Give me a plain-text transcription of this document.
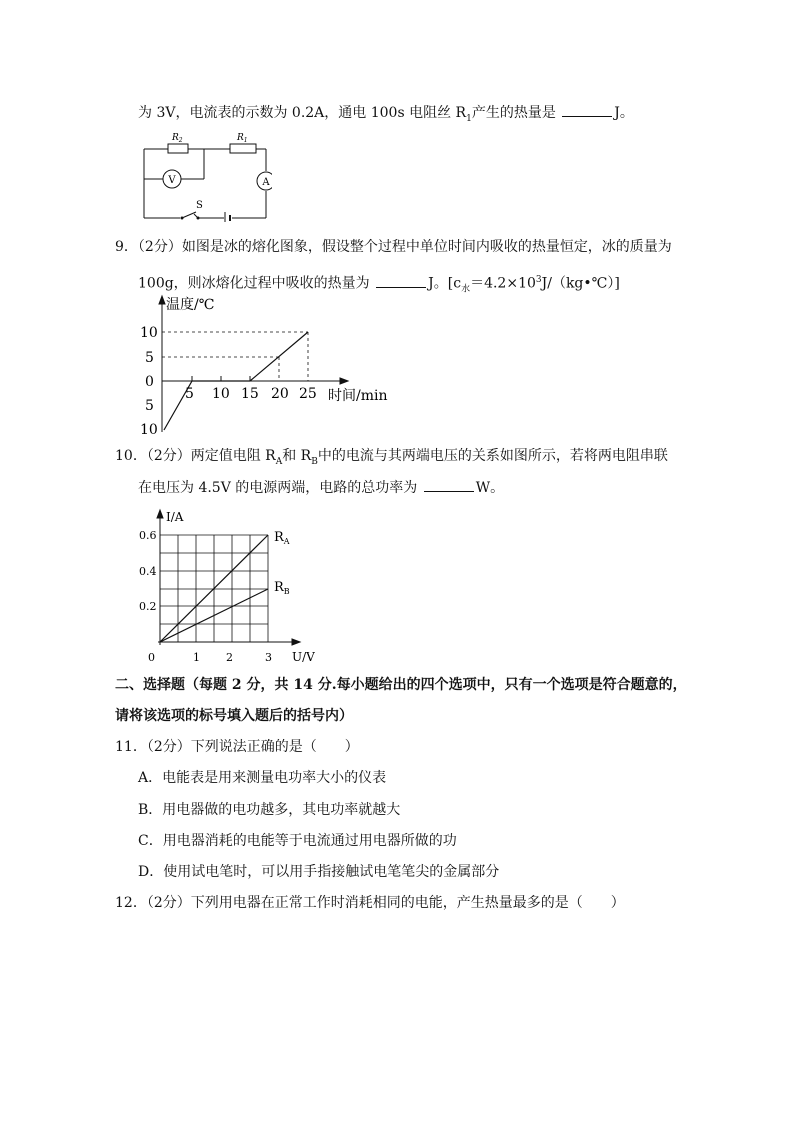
为 3V，电流表的示数为 0.2A，通电 100s 电阻丝 $R_1$产生的热量是	J。
$R_2$	$R_1$
V	A
S
9．（2分）如图是冰的熔化图象，假设整个过程中单位时间内吸收的热量恒定，冰的质量为
100g，则冰熔化过程中吸收的热量为	J。$[c_水=4.2\times 10^3J/(kg•℃)]$
温度/℃
时间/min
10
5
0
5
10
5 10 15 20 25
10．（2分）两定值电阻 $R_A$和 $R_B$中的电流与其两端电压的关系如图所示，若将两电阻串联
在电压为 4.5V 的电源两端，电路的总功率为	W。
I/A
U/V
0.6
0.4
0.2
0	1 2	3
$R_A$
$R_B$
二、选择题（每题 2 分，共 14 分.每小题给出的四个选项中，只有一个选项是符合题意的，
请将该选项的标号填入题后的括号内）
11．（2分）下列说法正确的是（　　）
A．电能表是用来测量电功率大小的仪表
B．用电器做的电功越多，其电功率就越大
C．用电器消耗的电能等于电流通过用电器所做的功
D．使用试电笔时，可以用手指接触试电笔笔尖的金属部分
12．（2分）下列用电器在正常工作时消耗相同的电能，产生热量最多的是（　　）
